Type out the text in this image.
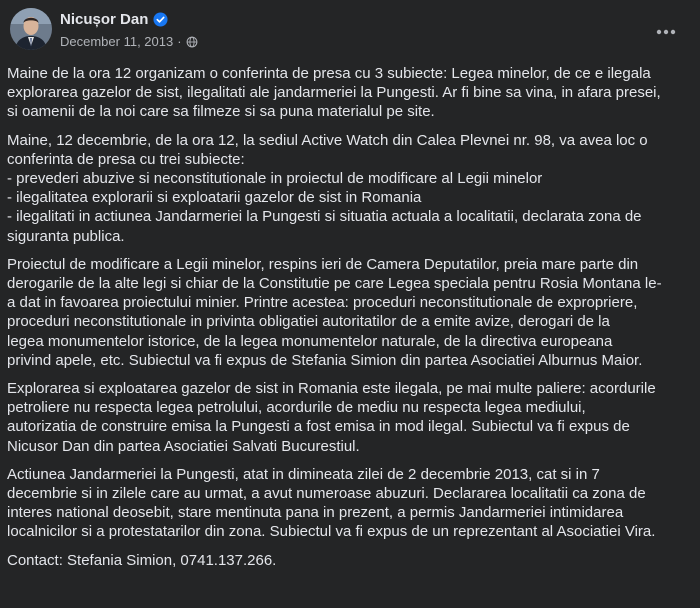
Nicușor Dan
December 11, 2013 ·

Maine de la ora 12 organizam o conferinta de presa cu 3 subiecte: Legea minelor, de ce e ilegala
explorarea gazelor de sist, ilegalitati ale jandarmeriei la Pungesti. Ar fi bine sa vina, in afara presei,
si oamenii de la noi care sa filmeze si sa puna materialul pe site.

Maine, 12 decembrie, de la ora 12, la sediul Active Watch din Calea Plevnei nr. 98, va avea loc o
conferinta de presa cu trei subiecte:
- prevederi abuzive si neconstitutionale in proiectul de modificare al Legii minelor
- ilegalitatea explorarii si exploatarii gazelor de sist in Romania
- ilegalitati in actiunea Jandarmeriei la Pungesti si situatia actuala a localitatii, declarata zona de
siguranta publica.

Proiectul de modificare a Legii minelor, respins ieri de Camera Deputatilor, preia mare parte din
derogarile de la alte legi si chiar de la Constitutie pe care Legea speciala pentru Rosia Montana le-
a dat in favoarea proiectului minier. Printre acestea: proceduri neconstitutionale de expropriere,
proceduri neconstitutionale in privinta obligatiei autoritatilor de a emite avize, derogari de la
legea monumentelor istorice, de la legea monumentelor naturale, de la directiva europeana
privind apele, etc. Subiectul va fi expus de Stefania Simion din partea Asociatiei Alburnus Maior.

Explorarea si exploatarea gazelor de sist in Romania este ilegala, pe mai multe paliere: acordurile
petroliere nu respecta legea petrolului, acordurile de mediu nu respecta legea mediului,
autorizatia de construire emisa la Pungesti a fost emisa in mod ilegal. Subiectul va fi expus de
Nicusor Dan din partea Asociatiei Salvati Bucurestiul.

Actiunea Jandarmeriei la Pungesti, atat in dimineata zilei de 2 decembrie 2013, cat si in 7
decembrie si in zilele care au urmat, a avut numeroase abuzuri. Declararea localitatii ca zona de
interes national deosebit, stare mentinuta pana in prezent, a permis Jandarmeriei intimidarea
localnicilor si a protestatarilor din zona. Subiectul va fi expus de un reprezentant al Asociatiei Vira.

Contact: Stefania Simion, 0741.137.266.
